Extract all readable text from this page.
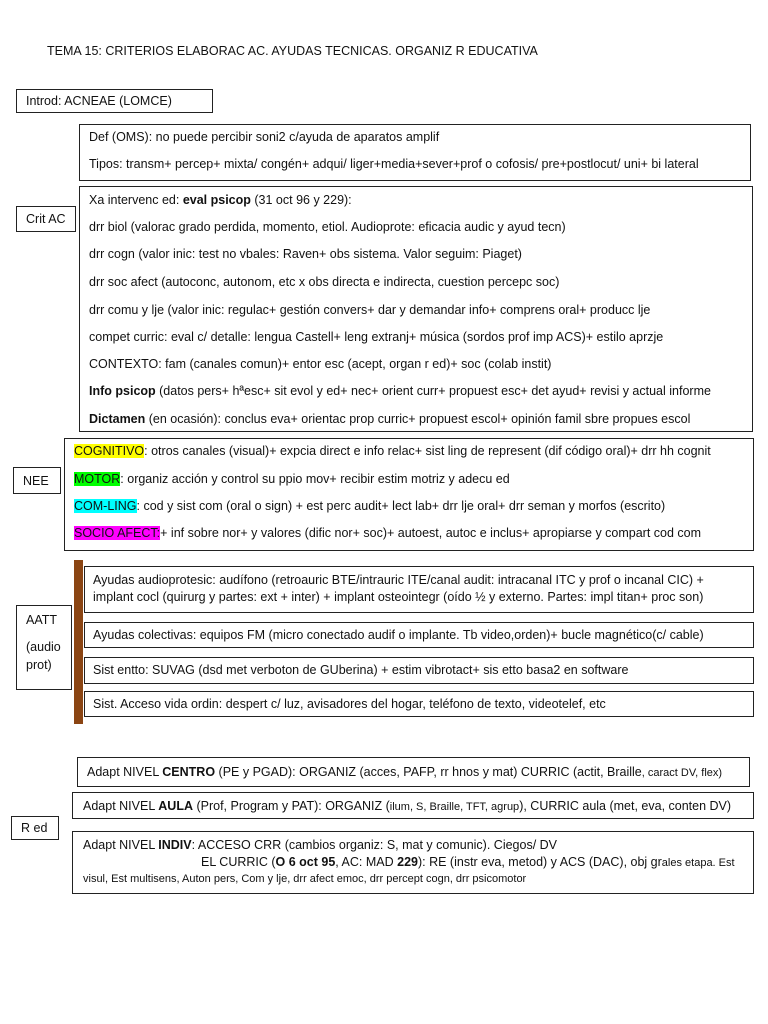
TEMA 15: CRITERIOS ELABORAC AC. AYUDAS TECNICAS. ORGANIZ R EDUCATIVA
Introd: ACNEAE (LOMCE)
Def (OMS): no puede percibir soni2 c/ayuda de aparatos amplif
Tipos: transm+ percep+ mixta/ congén+ adqui/ liger+media+sever+prof o cofosis/ pre+postlocut/ uni+ bi lateral
Crit AC
Xa intervenc ed: eval psicop (31 oct 96 y 229):
drr biol (valorac grado perdida, momento, etiol. Audioprote: eficacia audic y ayud tecn)
drr cogn (valor inic: test no vbales: Raven+ obs sistema. Valor seguim: Piaget)
drr soc afect (autoconc, autonom, etc x obs directa e indirecta, cuestion percepc soc)
drr comu y lje (valor inic: regulac+ gestión convers+ dar y demandar info+ comprens oral+ producc lje
compet curric: eval c/ detalle: lengua Castell+ leng extranj+ música (sordos prof imp ACS)+ estilo aprzje
CONTEXTO: fam (canales comun)+ entor esc (acept, organ r ed)+ soc (colab instit)
Info psicop (datos pers+ hªesc+ sit evol y ed+ nec+ orient curr+ propuest esc+ det ayud+ revisi y actual informe
Dictamen (en ocasión): conclus eva+ orientac prop curric+ propuest escol+ opinión famil sbre propues escol
NEE
COGNITIVO: otros canales (visual)+ expcia direct e info relac+ sist ling de represent (dif código oral)+ drr hh cognit
MOTOR: organiz acción y control su ppio mov+ recibir estim motriz y adecu ed
COM-LING: cod y sist com (oral o sign) + est perc audit+ lect lab+ drr lje oral+ drr seman y morfos (escrito)
SOCIO AFECT:+ inf sobre nor+ y valores (dific nor+ soc)+ autoest, autoc e inclus+ apropiarse y compart cod com
AATT
(audio
prot)
Ayudas audioprotesic: audífono (retroauric BTE/intrauric ITE/canal audit: intracanal ITC y prof o incanal CIC) +
implant cocl (quirurg y partes: ext + inter) + implant osteointegr (oído ½ y externo. Partes: impl titan+ proc son)
Ayudas colectivas: equipos FM (micro conectado audif o implante. Tb video,orden)+ bucle magnético(c/ cable)
Sist entto: SUVAG (dsd met verboton de GUberina) + estim vibrotact+ sis etto basa2 en software
Sist. Acceso vida ordin: despert c/ luz, avisadores del hogar, teléfono de texto, videotelef, etc
R ed
Adapt NIVEL CENTRO (PE y PGAD): ORGANIZ (acces, PAFP, rr hnos y mat) CURRIC (actit, Braille, caract DV, flex)
Adapt NIVEL AULA (Prof, Program y PAT): ORGANIZ (ilum, S, Braille, TFT, agrup), CURRIC aula (met, eva, conten DV)
Adapt NIVEL INDIV: ACCESO CRR (cambios organiz: S, mat y comunic). Ciegos/ DV
EL CURRIC (O 6 oct 95, AC: MAD 229): RE (instr eva, metod) y ACS (DAC), obj grales etapa. Est
visul, Est multisens, Auton pers, Com y lje, drr afect emoc, drr percept cogn, drr psicomotor
